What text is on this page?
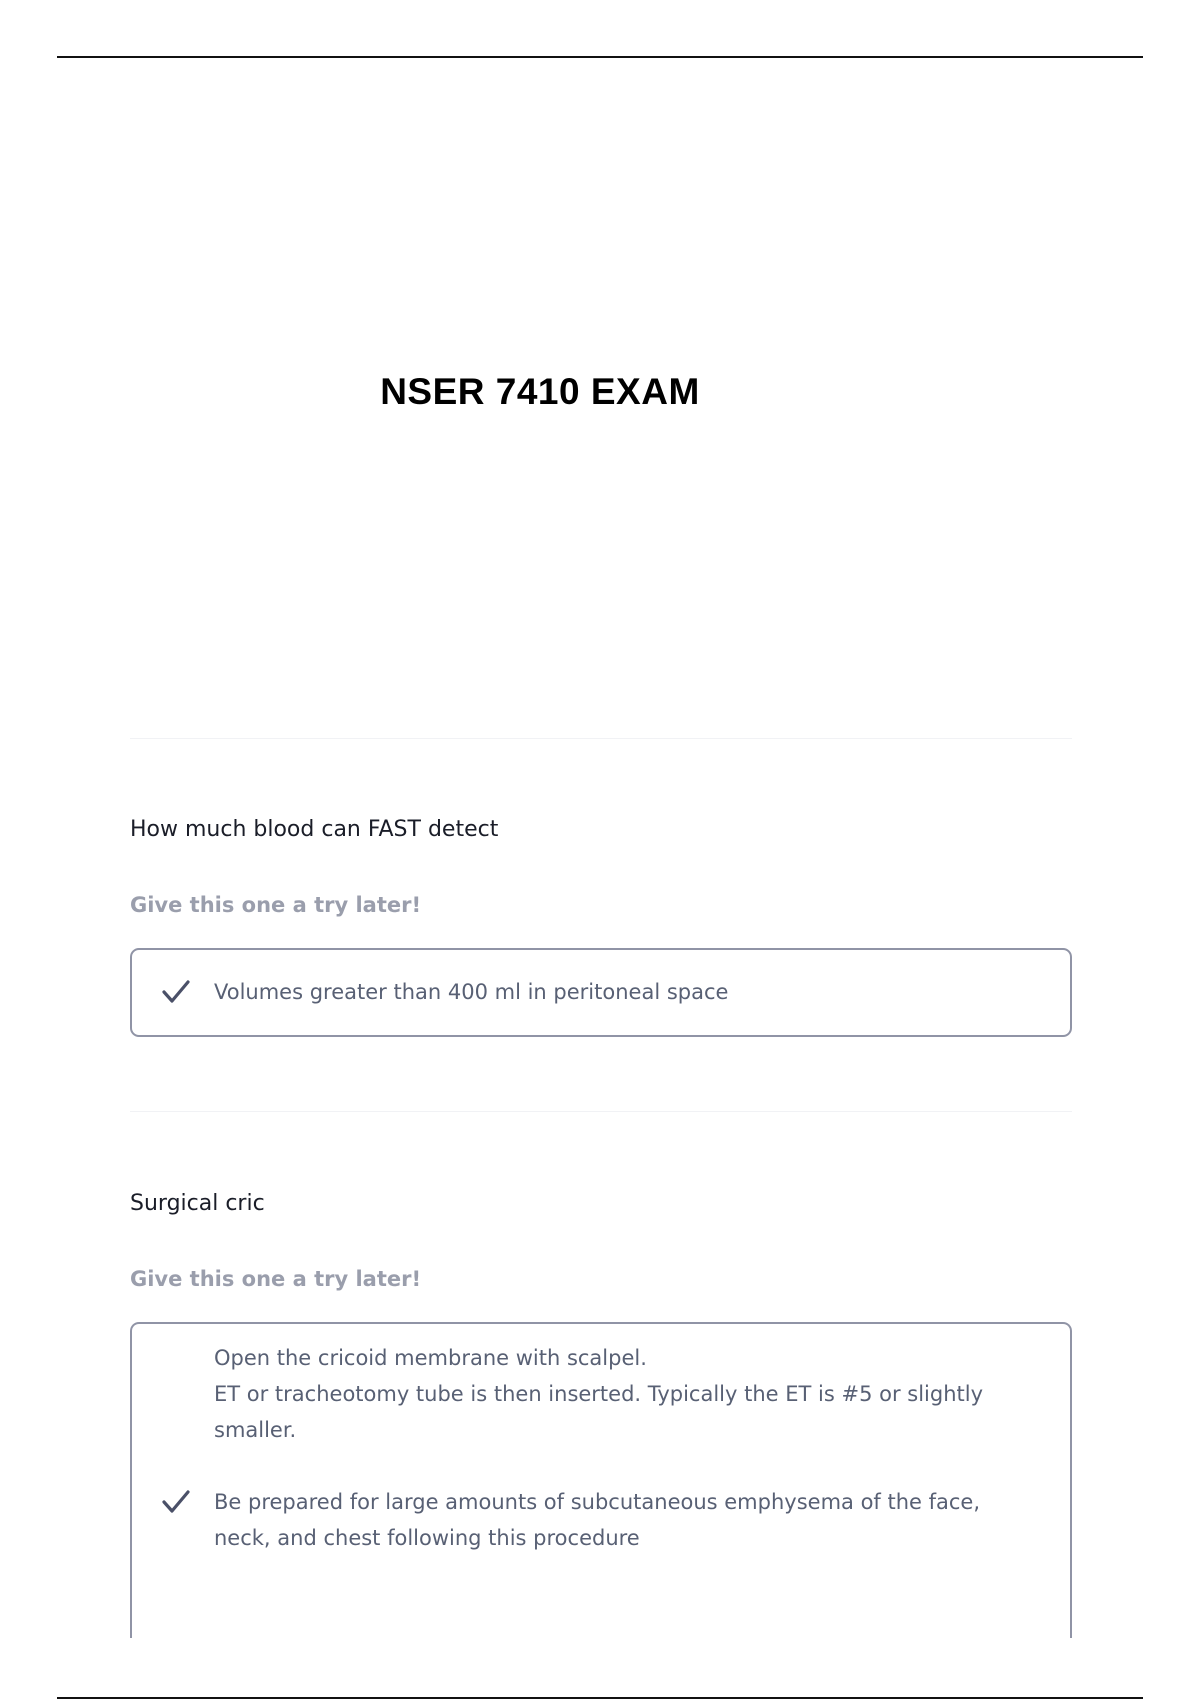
NSER 7410 EXAM

How much blood can FAST detect

Give this one a try later!

Volumes greater than 400 ml in peritoneal space

Surgical cric

Give this one a try later!

Open the cricoid membrane with scalpel.

ET or tracheotomy tube is then inserted. Typically the ET is #5 or slightly

smaller.

Be prepared for large amounts of subcutaneous emphysema of the face,

neck, and chest following this procedure
